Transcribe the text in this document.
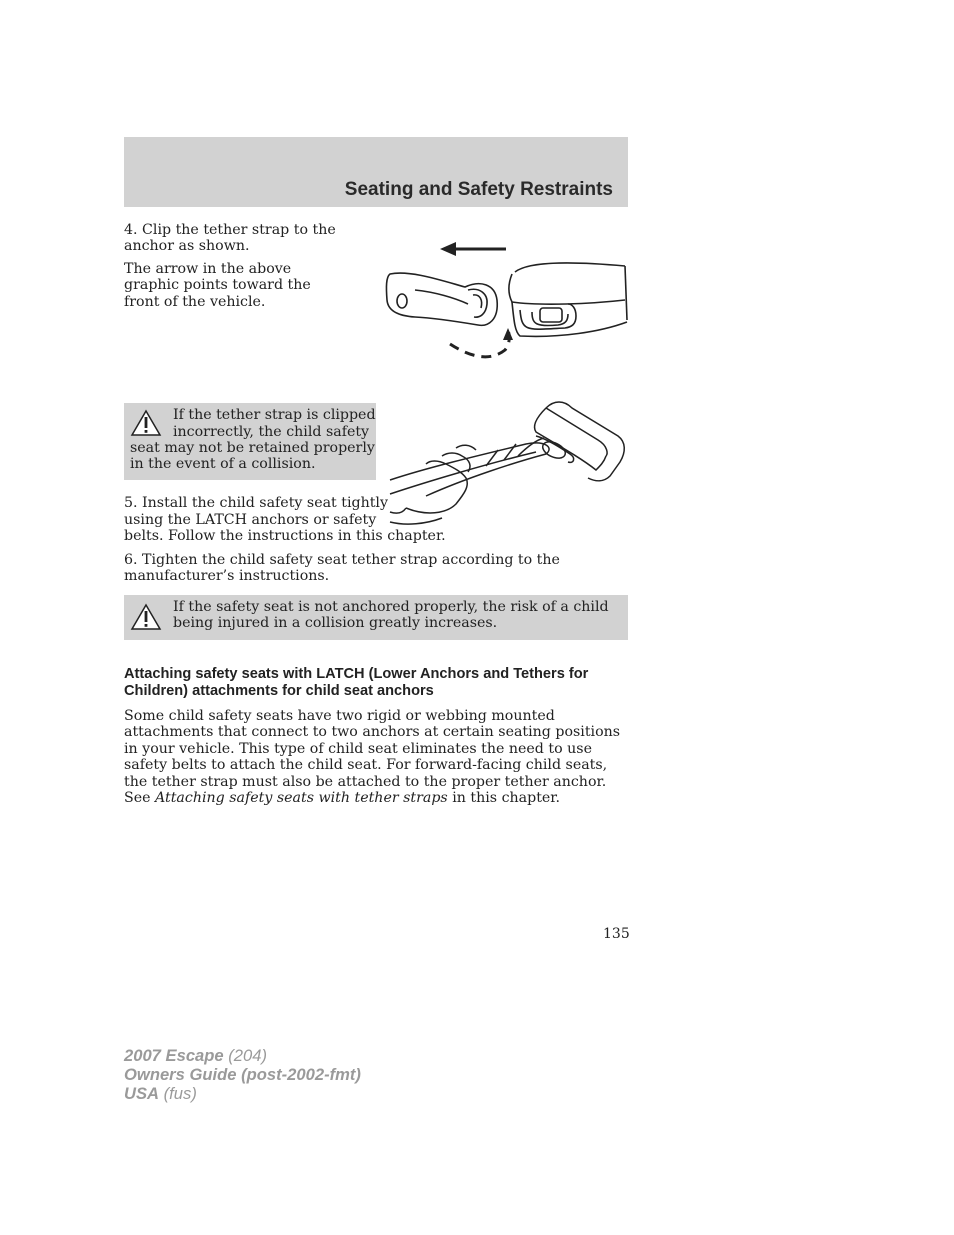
Seating and Safety Restraints
4. Clip the tether strap to the anchor as shown.
The arrow in the above graphic points toward the front of the vehicle.
If the tether strap is clipped
incorrectly, the child safety
seat may not be retained properly
in the event of a collision.
5. Install the child safety seat tightly
using the LATCH anchors or safety
belts. Follow the instructions in this chapter.
6. Tighten the child safety seat tether strap according to the
manufacturer’s instructions.
If the safety seat is not anchored properly, the risk of a child
being injured in a collision greatly increases.
Attaching safety seats with LATCH (Lower Anchors and Tethers for Children) attachments for child seat anchors
Some child safety seats have two rigid or webbing mounted attachments that connect to two anchors at certain seating positions in your vehicle. This type of child seat eliminates the need to use safety belts to attach the child seat. For forward-facing child seats, the tether strap must also be attached to the proper tether anchor. See Attaching safety seats with tether straps in this chapter.
135
2007 Escape (204)
Owners Guide (post-2002-fmt)
USA (fus)
